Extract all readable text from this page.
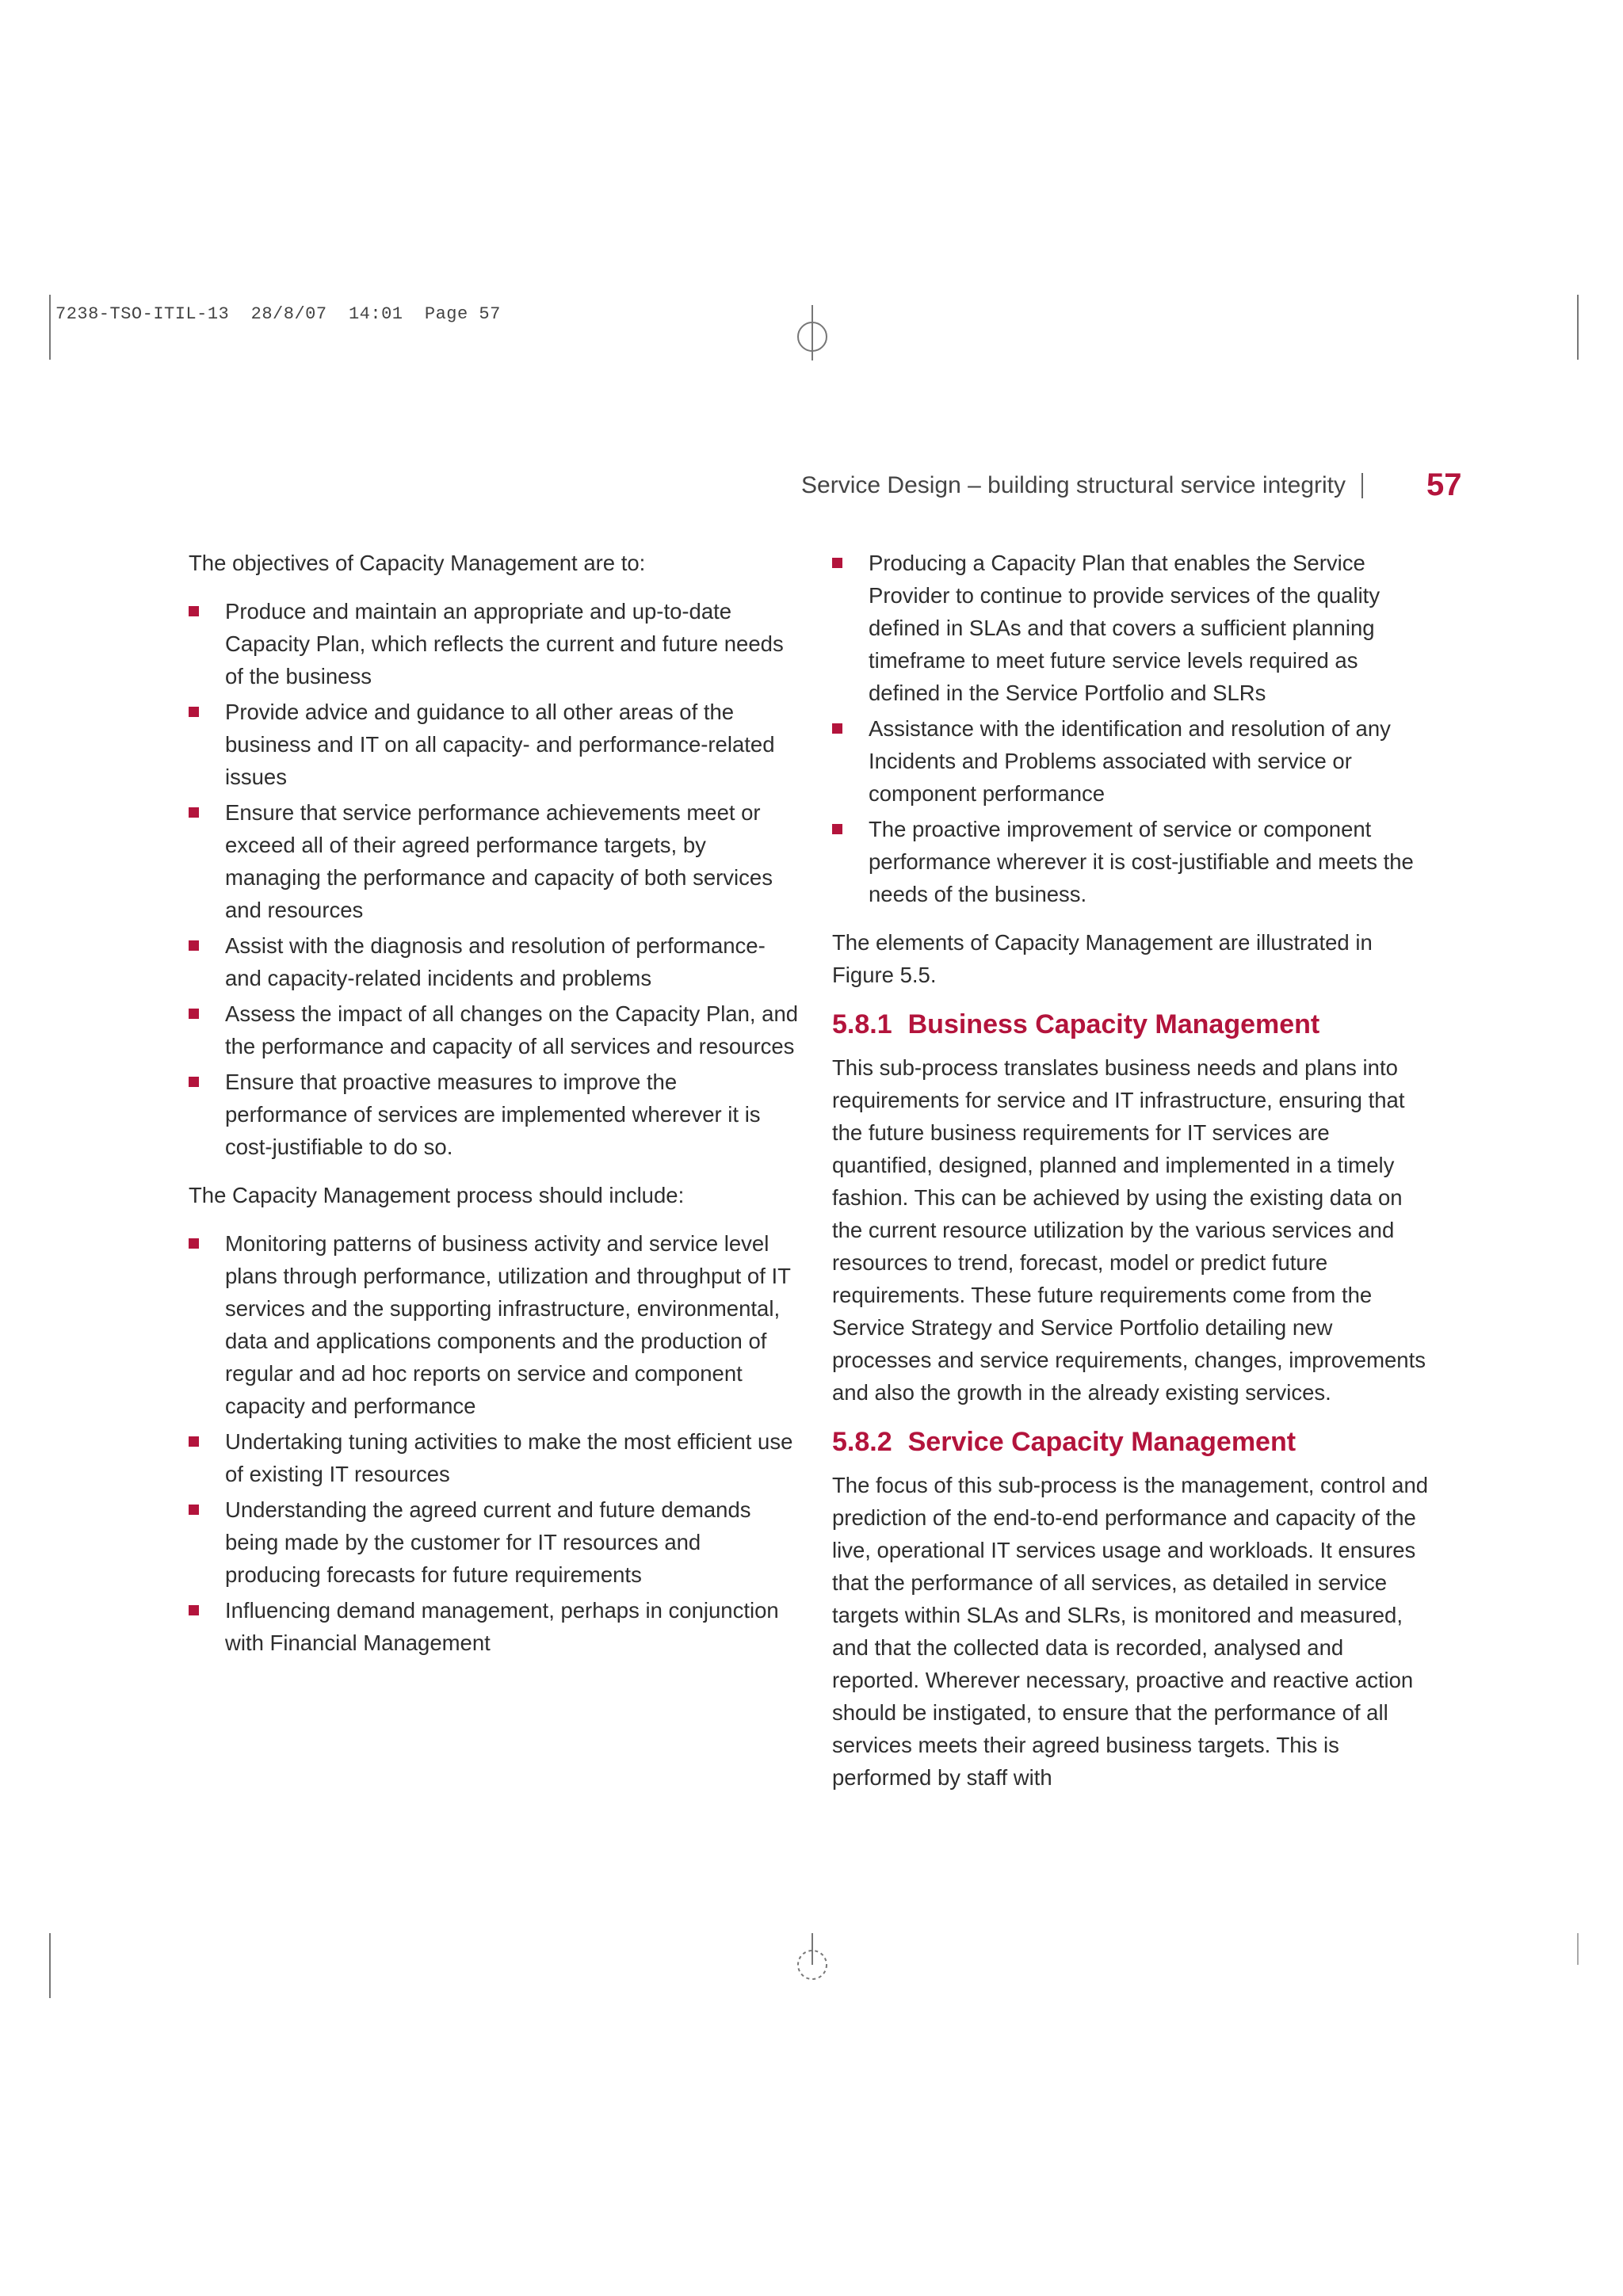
7238-TSO-ITIL-13  28/8/07  14:01  Page 57
Service Design – building structural service integrity	57

The objectives of Capacity Management are to:

Produce and maintain an appropriate and up-to-date Capacity Plan, which reflects the current and future needs of the business
Provide advice and guidance to all other areas of the business and IT on all capacity- and performance-related issues
Ensure that service performance achievements meet or exceed all of their agreed performance targets, by managing the performance and capacity of both services and resources
Assist with the diagnosis and resolution of performance- and capacity-related incidents and problems
Assess the impact of all changes on the Capacity Plan, and the performance and capacity of all services and resources
Ensure that proactive measures to improve the performance of services are implemented wherever it is cost-justifiable to do so.

The Capacity Management process should include:

Monitoring patterns of business activity and service level plans through performance, utilization and throughput of IT services and the supporting infrastructure, environmental, data and applications components and the production of regular and ad hoc reports on service and component capacity and performance
Undertaking tuning activities to make the most efficient use of existing IT resources
Understanding the agreed current and future demands being made by the customer for IT resources and producing forecasts for future requirements
Influencing demand management, perhaps in conjunction with Financial Management
Producing a Capacity Plan that enables the Service Provider to continue to provide services of the quality defined in SLAs and that covers a sufficient planning timeframe to meet future service levels required as defined in the Service Portfolio and SLRs
Assistance with the identification and resolution of any Incidents and Problems associated with service or component performance
The proactive improvement of service or component performance wherever it is cost-justifiable and meets the needs of the business.

The elements of Capacity Management are illustrated in Figure 5.5.

5.8.1 Business Capacity Management

This sub-process translates business needs and plans into requirements for service and IT infrastructure, ensuring that the future business requirements for IT services are quantified, designed, planned and implemented in a timely fashion. This can be achieved by using the existing data on the current resource utilization by the various services and resources to trend, forecast, model or predict future requirements. These future requirements come from the Service Strategy and Service Portfolio detailing new processes and service requirements, changes, improvements and also the growth in the already existing services.

5.8.2 Service Capacity Management

The focus of this sub-process is the management, control and prediction of the end-to-end performance and capacity of the live, operational IT services usage and workloads. It ensures that the performance of all services, as detailed in service targets within SLAs and SLRs, is monitored and measured, and that the collected data is recorded, analysed and reported. Wherever necessary, proactive and reactive action should be instigated, to ensure that the performance of all services meets their agreed business targets. This is performed by staff with
